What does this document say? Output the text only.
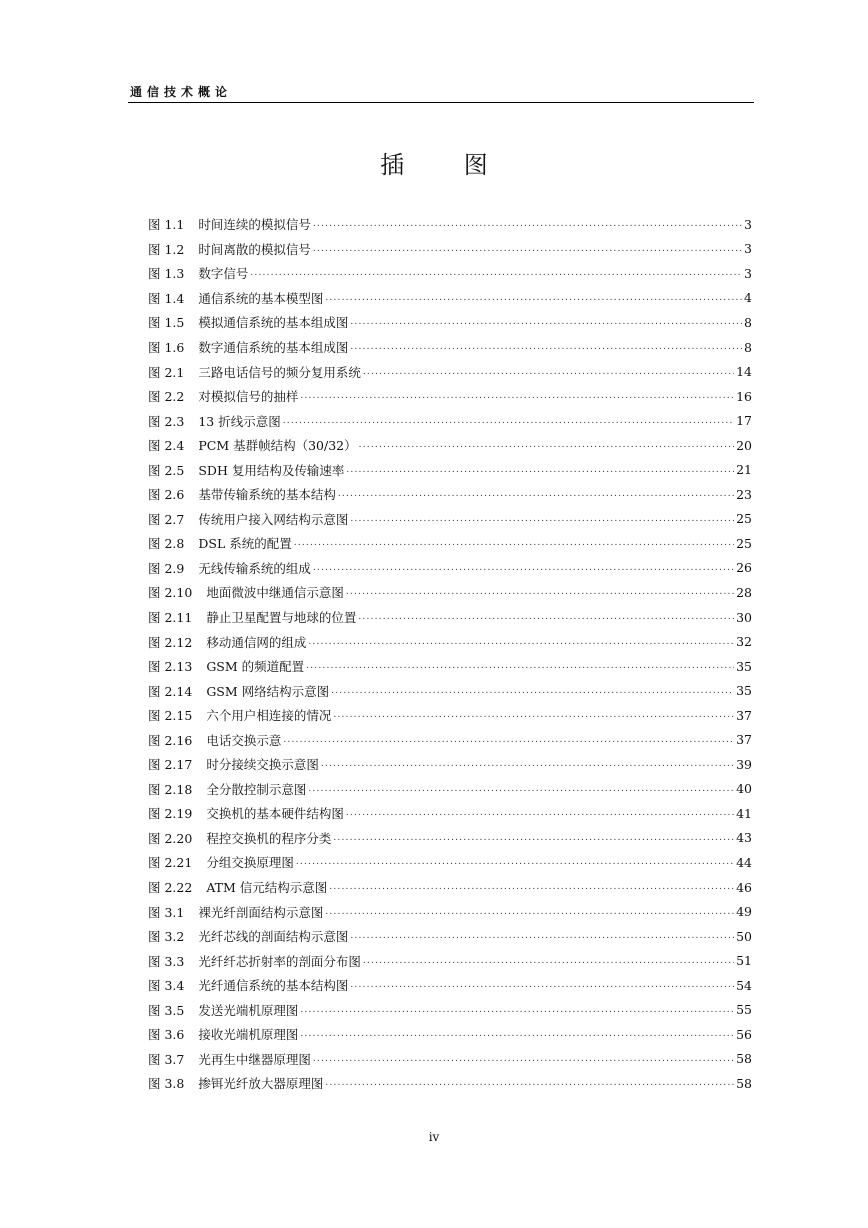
通信技术概论
插 图
图 1.1 时间连续的模拟信号 .....	3
图 1.2 时间离散的模拟信号 .....	3
图 1.3 数字信号 .....	3
图 1.4 通信系统的基本模型图 .....	4
图 1.5 模拟通信系统的基本组成图 .....	8
图 1.6 数字通信系统的基本组成图 .....	8
图 2.1 三路电话信号的频分复用系统 .....	14
图 2.2 对模拟信号的抽样 .....	16
图 2.3 13 折线示意图 .....	17
图 2.4 PCM 基群帧结构（30/32） .....	20
图 2.5 SDH 复用结构及传输速率 .....	21
图 2.6 基带传输系统的基本结构 .....	23
图 2.7 传统用户接入网结构示意图 .....	25
图 2.8 DSL 系统的配置 .....	25
图 2.9 无线传输系统的组成 .....	26
图 2.10 地面微波中继通信示意图 .....	28
图 2.11 静止卫星配置与地球的位置 .....	30
图 2.12 移动通信网的组成 .....	32
图 2.13 GSM 的频道配置 .....	35
图 2.14 GSM 网络结构示意图 .....	35
图 2.15 六个用户相连接的情况 .....	37
图 2.16 电话交换示意 .....	37
图 2.17 时分接续交换示意图 .....	39
图 2.18 全分散控制示意图 .....	40
图 2.19 交换机的基本硬件结构图 .....	41
图 2.20 程控交换机的程序分类 .....	43
图 2.21 分组交换原理图 .....	44
图 2.22 ATM 信元结构示意图 .....	46
图 3.1 裸光纤剖面结构示意图 .....	49
图 3.2 光纤芯线的剖面结构示意图 .....	50
图 3.3 光纤纤芯折射率的剖面分布图 .....	51
图 3.4 光纤通信系统的基本结构图 .....	54
图 3.5 发送光端机原理图 .....	55
图 3.6 接收光端机原理图 .....	56
图 3.7 光再生中继器原理图 .....	58
图 3.8 掺铒光纤放大器原理图 .....	58
iv
